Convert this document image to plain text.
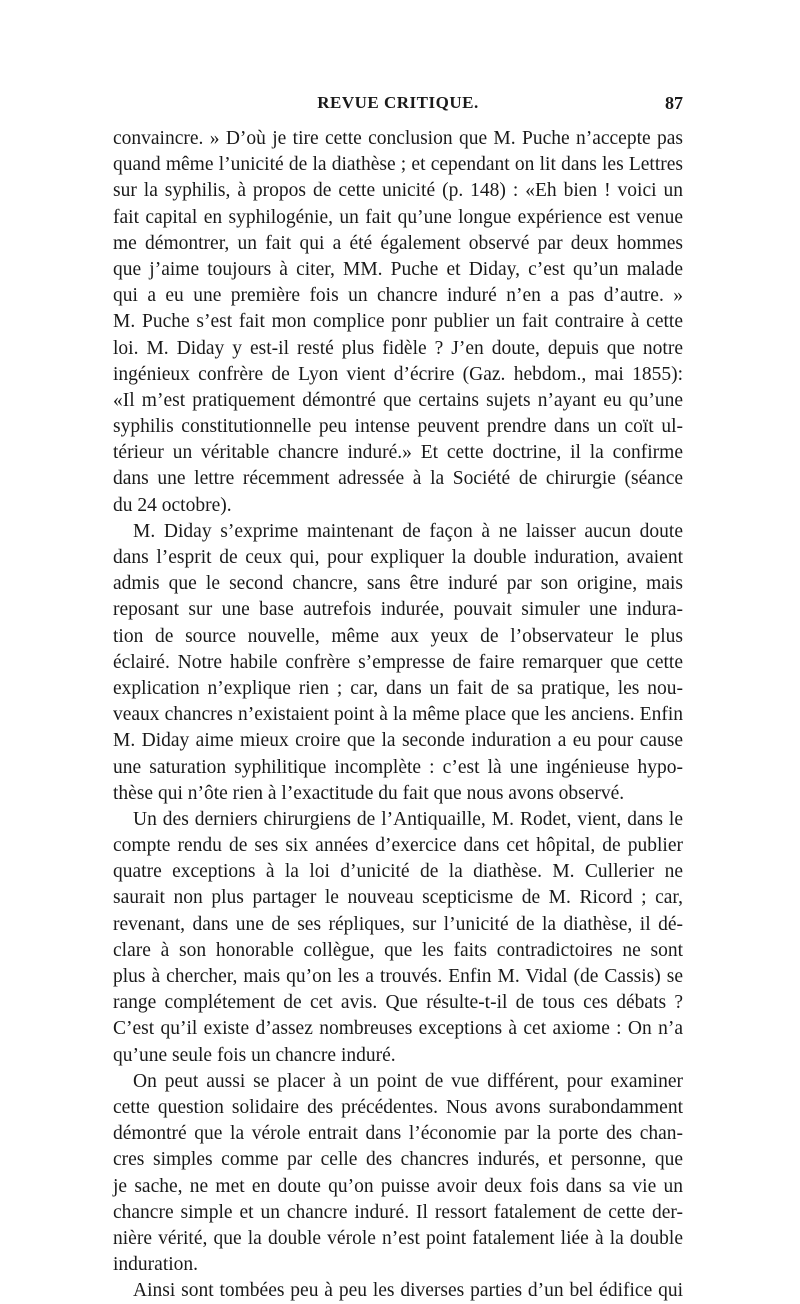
REVUE CRITIQUE.	87
convaincre. » D’où je tire cette conclusion que M. Puche n’accepte pas
quand même l’unicité de la diathèse ; et cependant on lit dans les Lettres
sur la syphilis, à propos de cette unicité (p. 148) : «Eh bien ! voici un
fait capital en syphilogénie, un fait qu’une longue expérience est venue
me démontrer, un fait qui a été également observé par deux hommes
que j’aime toujours à citer, MM. Puche et Diday, c’est qu’un malade
qui a eu une première fois un chancre induré n’en a pas d’autre. »
M. Puche s’est fait mon complice ponr publier un fait contraire à cette
loi. M. Diday y est-il resté plus fidèle ? J’en doute, depuis que notre
ingénieux confrère de Lyon vient d’écrire (Gaz. hebdom., mai 1855):
«Il m’est pratiquement démontré que certains sujets n’ayant eu qu’une
syphilis constitutionnelle peu intense peuvent prendre dans un coït ul-
térieur un véritable chancre induré.» Et cette doctrine, il la confirme
dans une lettre récemment adressée à la Société de chirurgie (séance
du 24 octobre).
M. Diday s’exprime maintenant de façon à ne laisser aucun doute
dans l’esprit de ceux qui, pour expliquer la double induration, avaient
admis que le second chancre, sans être induré par son origine, mais
reposant sur une base autrefois indurée, pouvait simuler une indura-
tion de source nouvelle, même aux yeux de l’observateur le plus
éclairé. Notre habile confrère s’empresse de faire remarquer que cette
explication n’explique rien ; car, dans un fait de sa pratique, les nou-
veaux chancres n’existaient point à la même place que les anciens. Enfin
M. Diday aime mieux croire que la seconde induration a eu pour cause
une saturation syphilitique incomplète : c’est là une ingénieuse hypo-
thèse qui n’ôte rien à l’exactitude du fait que nous avons observé.
Un des derniers chirurgiens de l’Antiquaille, M. Rodet, vient, dans le
compte rendu de ses six années d’exercice dans cet hôpital, de publier
quatre exceptions à la loi d’unicité de la diathèse. M. Cullerier ne
saurait non plus partager le nouveau scepticisme de M. Ricord ; car,
revenant, dans une de ses répliques, sur l’unicité de la diathèse, il dé-
clare à son honorable collègue, que les faits contradictoires ne sont
plus à chercher, mais qu’on les a trouvés. Enfin M. Vidal (de Cassis) se
range complétement de cet avis. Que résulte-t-il de tous ces débats ?
C’est qu’il existe d’assez nombreuses exceptions à cet axiome : On n’a
qu’une seule fois un chancre induré.
On peut aussi se placer à un point de vue différent, pour examiner
cette question solidaire des précédentes. Nous avons surabondamment
démontré que la vérole entrait dans l’économie par la porte des chan-
cres simples comme par celle des chancres indurés, et personne, que
je sache, ne met en doute qu’on puisse avoir deux fois dans sa vie un
chancre simple et un chancre induré. Il ressort fatalement de cette der-
nière vérité, que la double vérole n’est point fatalement liée à la double
induration.
Ainsi sont tombées peu à peu les diverses parties d’un bel édifice qui
